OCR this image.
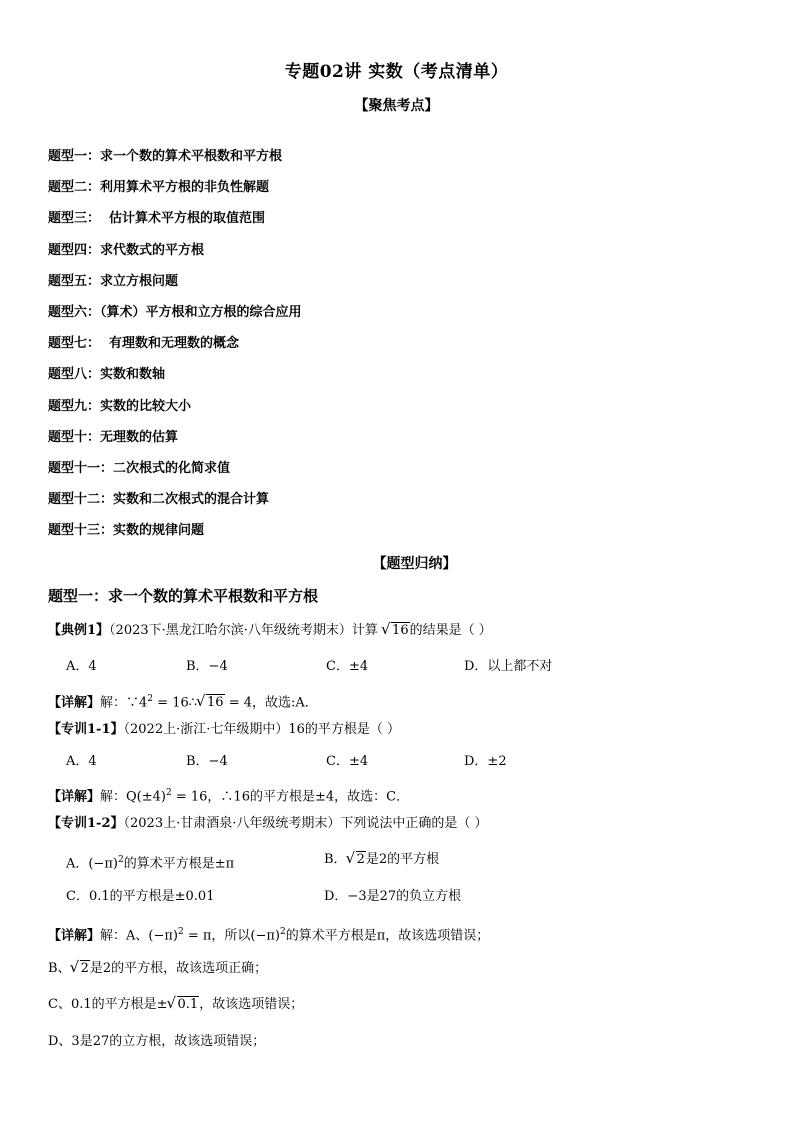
专题02讲 实数（考点清单）
【聚焦考点】
题型一：求一个数的算术平根数和平方根
题型二：利用算术平方根的非负性解题
题型三：  估计算术平方根的取值范围
题型四：求代数式的平方根
题型五：求立方根问题
题型六：（算术）平方根和立方根的综合应用
题型七：  有理数和无理数的概念
题型八：实数和数轴
题型九：实数的比较大小
题型十：无理数的估算
题型十一：二次根式的化简求值
题型十二：实数和二次根式的混合计算
题型十三：实数的规律问题
【题型归纳】
题型一：求一个数的算术平根数和平方根
【典例1】（2023下·黑龙江哈尔滨·八年级统考期末）计算 √ 16的结果是（ ）
A．4	B．−4	C．±4	D．以上都不对
【详解】解：$\because 4^2$ = 16∴ √ 16 = 4，故选:A．
【专训1-1】（2022上·浙江·七年级期中）16的平方根是（ ）
A．4	B．−4	C．±4	D．±2
【详解】解：$Q(\pm 4)^2 = 16$，∴16的平方根是±4，故选：C．
【专训1-2】（2023上·甘肃酒泉·八年级统考期末）下列说法中正确的是（ ）
A．$(-\pi)^2$的算术平方根是±π	B． √ 2是2的平方根
C．0.1的平方根是±0.01	D．−3是27的负立方根
【详解】解：A、$(-\pi)^2 = \pi$，所以$(-\pi)^2$的算术平方根是π，故该选项错误；
B、 √ 2是2的平方根，故该选项正确；
C、0.1的平方根是± √ 0.1，故该选项错误；
D、3是27的立方根，故该选项错误；
